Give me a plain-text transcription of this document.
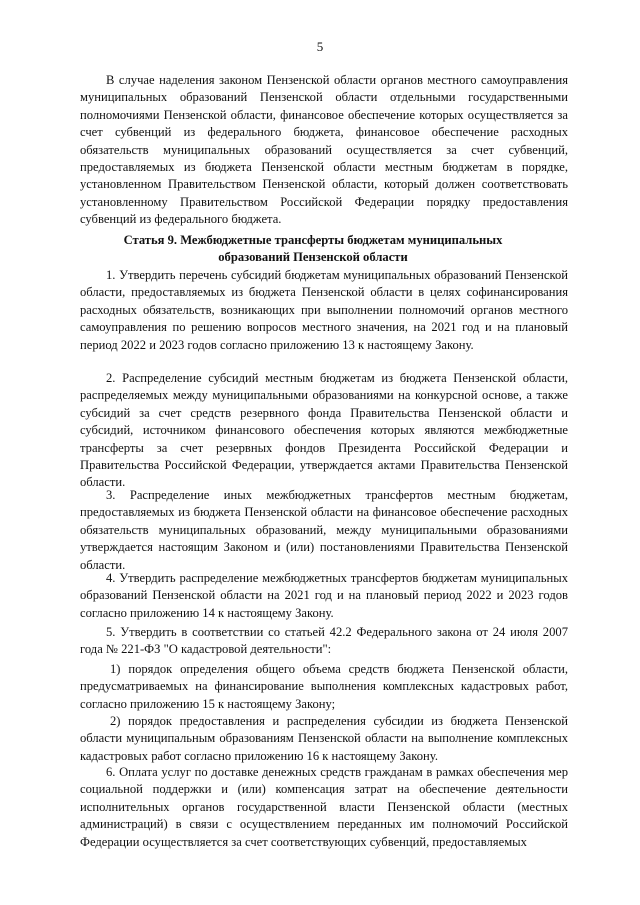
5

В случае наделения законом Пензенской области органов местного самоуправления муниципальных образований Пензенской области отдельными государственными полномочиями Пензенской области, финансовое обеспечение которых осуществляется за счет субвенций из федерального бюджета, финансовое обеспечение расходных обязательств муниципальных образований осуществляется за счет субвенций, предоставляемых из бюджета Пензенской области местным бюджетам в порядке, установленном Правительством Пензенской области, который должен соответствовать установленному Правительством Российской Федерации порядку предоставления субвенций из федерального бюджета.

Статья 9. Межбюджетные трансферты бюджетам муниципальных

образований Пензенской области

1. Утвердить перечень субсидий бюджетам муниципальных образований Пензенской области, предоставляемых из бюджета Пензенской области в целях софинансирования расходных обязательств, возникающих при выполнении полномочий органов местного самоуправления по решению вопросов местного значения, на 2021 год и на плановый период 2022 и 2023 годов согласно приложению 13 к настоящему Закону.

2. Распределение субсидий местным бюджетам из бюджета Пензенской области, распределяемых между муниципальными образованиями на конкурсной основе, а также субсидий за счет средств резервного фонда Правительства Пензенской области и субсидий, источником финансового обеспечения которых являются межбюджетные трансферты за счет резервных фондов Президента Российской Федерации и Правительства Российской Федерации, утверждается актами Правительства Пензенской области.

3. Распределение иных межбюджетных трансфертов местным бюджетам, предоставляемых из бюджета Пензенской области на финансовое обеспечение расходных обязательств муниципальных образований, между муниципальными образованиями утверждается настоящим Законом и (или) постановлениями Правительства Пензенской области.

4. Утвердить распределение межбюджетных трансфертов бюджетам муниципальных образований Пензенской области на 2021 год и на плановый период 2022 и 2023 годов согласно приложению 14 к настоящему Закону.

5. Утвердить в соответствии со статьей 42.2 Федерального закона от 24 июля 2007 года № 221-ФЗ "О кадастровой деятельности":

1) порядок определения общего объема средств бюджета Пензенской области, предусматриваемых на финансирование выполнения комплексных кадастровых работ, согласно приложению 15 к настоящему Закону;

2) порядок предоставления и распределения субсидии из бюджета Пензенской области муниципальным образованиям Пензенской области на выполнение комплексных кадастровых работ согласно приложению 16 к настоящему Закону.

6. Оплата услуг по доставке денежных средств гражданам в рамках обеспечения мер социальной поддержки и (или) компенсация затрат на обеспечение деятельности исполнительных органов государственной власти Пензенской области (местных администраций) в связи с осуществлением переданных им полномочий Российской Федерации осуществляется за счет соответствующих субвенций, предоставляемых
